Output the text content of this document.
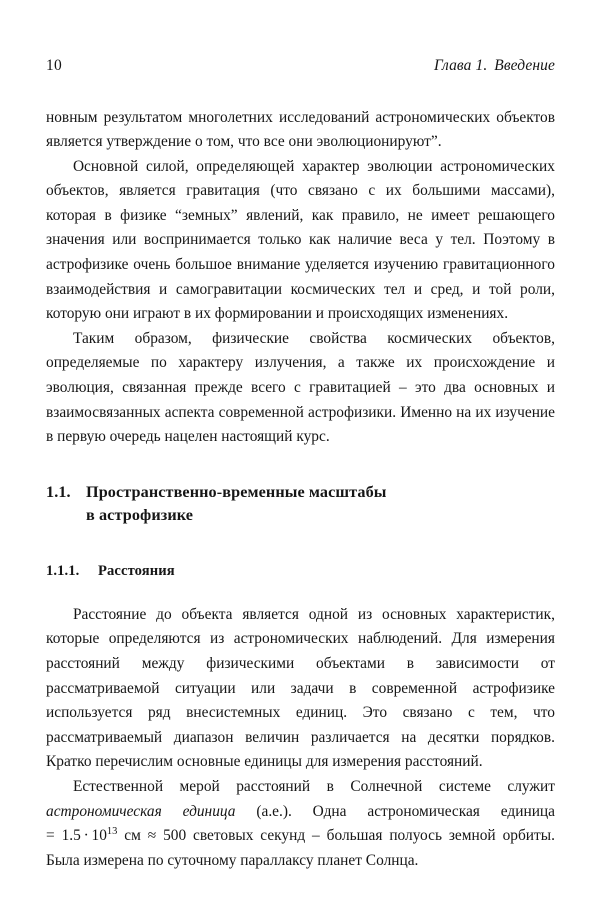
10	Глава 1. Введение

новным результатом многолетних исследований астрономических объектов является утверждение о том, что все они эволюционируют”.

Основной силой, определяющей характер эволюции астрономических объектов, является гравитация (что связано с их большими массами), которая в физике “земных” явлений, как правило, не имеет решающего значения или воспринимается только как наличие веса у тел. Поэтому в астрофизике очень большое внимание уделяется изучению гравитационного взаимодействия и самогравитации космических тел и сред, и той роли, которую они играют в их формировании и происходящих изменениях.

Таким образом, физические свойства космических объектов, определяемые по характеру излучения, а также их происхождение и эволюция, связанная прежде всего с гравитацией – это два основных и взаимосвязанных аспекта современной астрофизики. Именно на их изучение в первую очередь нацелен настоящий курс.

1.1. Пространственно-временные масштабы
в астрофизике
1.1.1. Расстояния

Расстояние до объекта является одной из основных характеристик, которые определяются из астрономических наблюдений. Для измерения расстояний между физическими объектами в зависимости от рассматриваемой ситуации или задачи в современной астрофизике используется ряд внесистемных единиц. Это связано с тем, что рассматриваемый диапазон величин различается на десятки порядков. Кратко перечислим основные единицы для измерения расстояний.

Естественной мерой расстояний в Солнечной системе служит астрономическая единица (а.е.). Одна астрономическая единица = $1.5 \cdot 10^{13}$ см ≈ 500 световых секунд – большая полуось земной орбиты. Была измерена по суточному параллаксу планет Солнца.
